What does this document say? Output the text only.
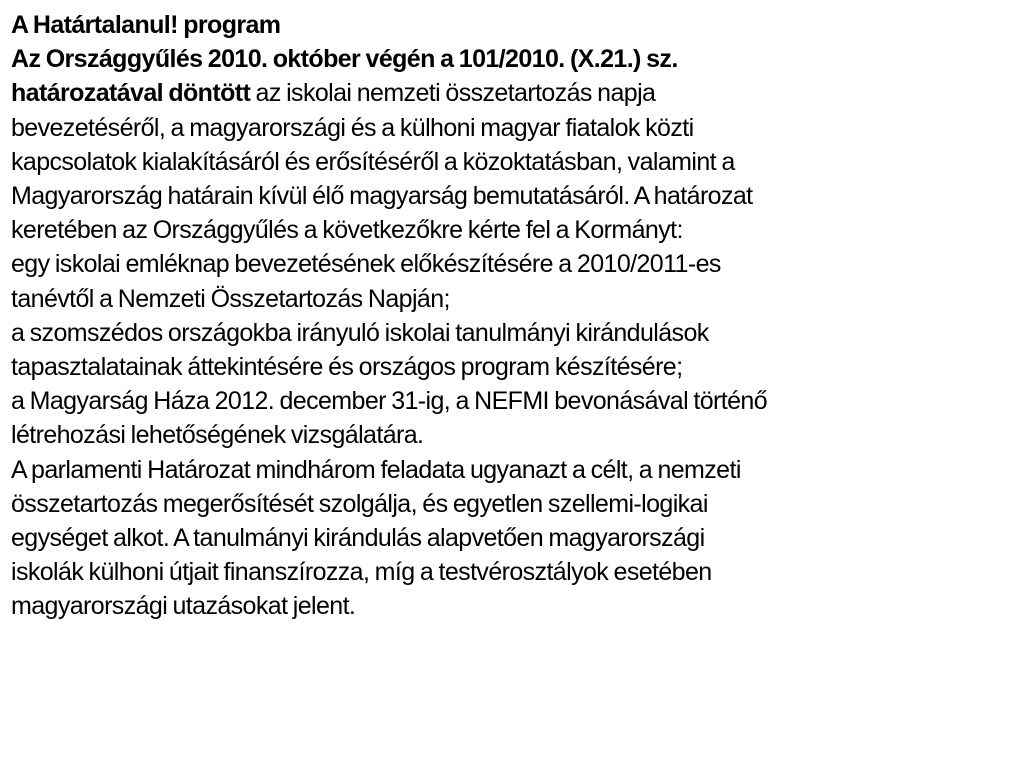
A Határtalanul! program
Az Országgyűlés 2010. október végén a 101/2010. (X.21.) sz.
határozatával döntött az iskolai nemzeti összetartozás napja
bevezetéséről, a magyarországi és a külhoni magyar fiatalok közti
kapcsolatok kialakításáról és erősítéséről a közoktatásban, valamint a
Magyarország határain kívül élő magyarság bemutatásáról. A határozat
keretében az Országgyűlés a következőkre kérte fel a Kormányt:
egy iskolai emléknap bevezetésének előkészítésére a 2010/2011-es
tanévtől a Nemzeti Összetartozás Napján;
a szomszédos országokba irányuló iskolai tanulmányi kirándulások
tapasztalatainak áttekintésére és országos program készítésére;
a Magyarság Háza 2012. december 31-ig, a NEFMI bevonásával történő
létrehozási lehetőségének vizsgálatára.
A parlamenti Határozat mindhárom feladata ugyanazt a célt, a nemzeti
összetartozás megerősítését szolgálja, és egyetlen szellemi-logikai
egységet alkot. A tanulmányi kirándulás alapvetően magyarországi
iskolák külhoni útjait finanszírozza, míg a testvérosztályok esetében
magyarországi utazásokat jelent.
